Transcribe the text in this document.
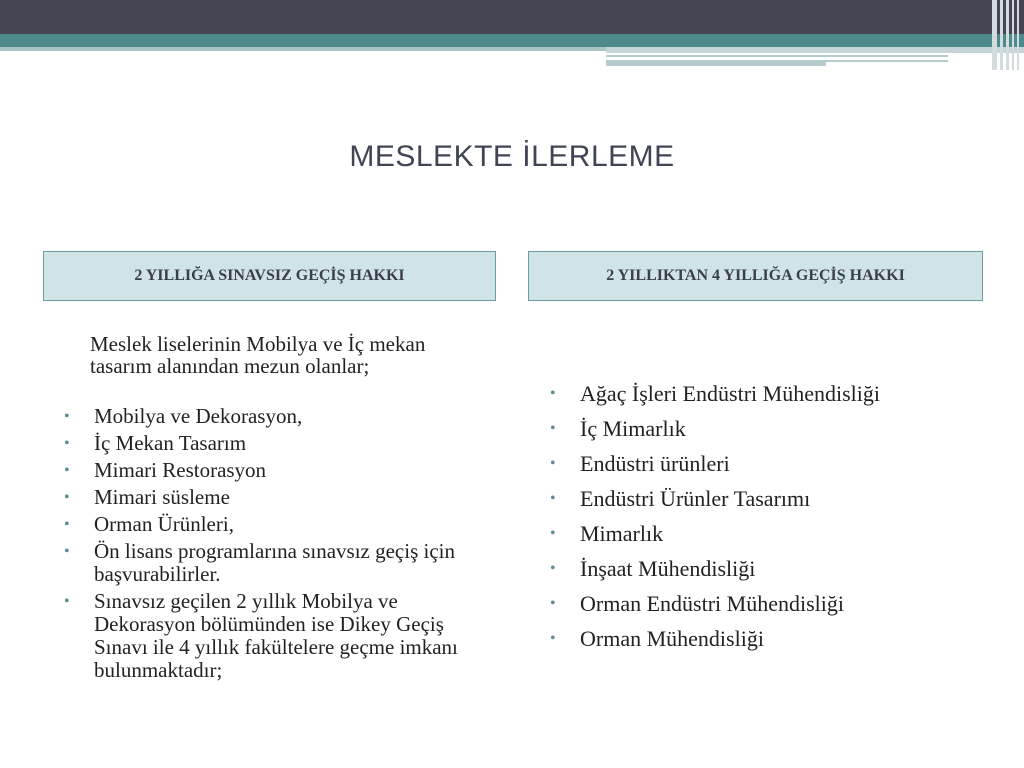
MESLEKTE İLERLEME
2 YILLIĞA SINAVSIZ GEÇİŞ HAKKI	2 YILLIKTAN 4 YILLIĞA GEÇİŞ HAKKI
Meslek liselerinin Mobilya ve İç mekan tasarım alanından mezun olanlar;
• Mobilya ve Dekorasyon,
• İç Mekan Tasarım
• Mimari Restorasyon
• Mimari süsleme
• Orman Ürünleri,
• Ön lisans programlarına sınavsız geçiş için başvurabilirler.
• Sınavsız geçilen 2 yıllık Mobilya ve Dekorasyon bölümünden ise Dikey Geçiş Sınavı ile 4 yıllık fakültelere geçme imkanı bulunmaktadır;
• Ağaç İşleri Endüstri Mühendisliği
• İç Mimarlık
• Endüstri ürünleri
• Endüstri Ürünler Tasarımı
• Mimarlık
• İnşaat Mühendisliği
• Orman Endüstri Mühendisliği
• Orman Mühendisliği
